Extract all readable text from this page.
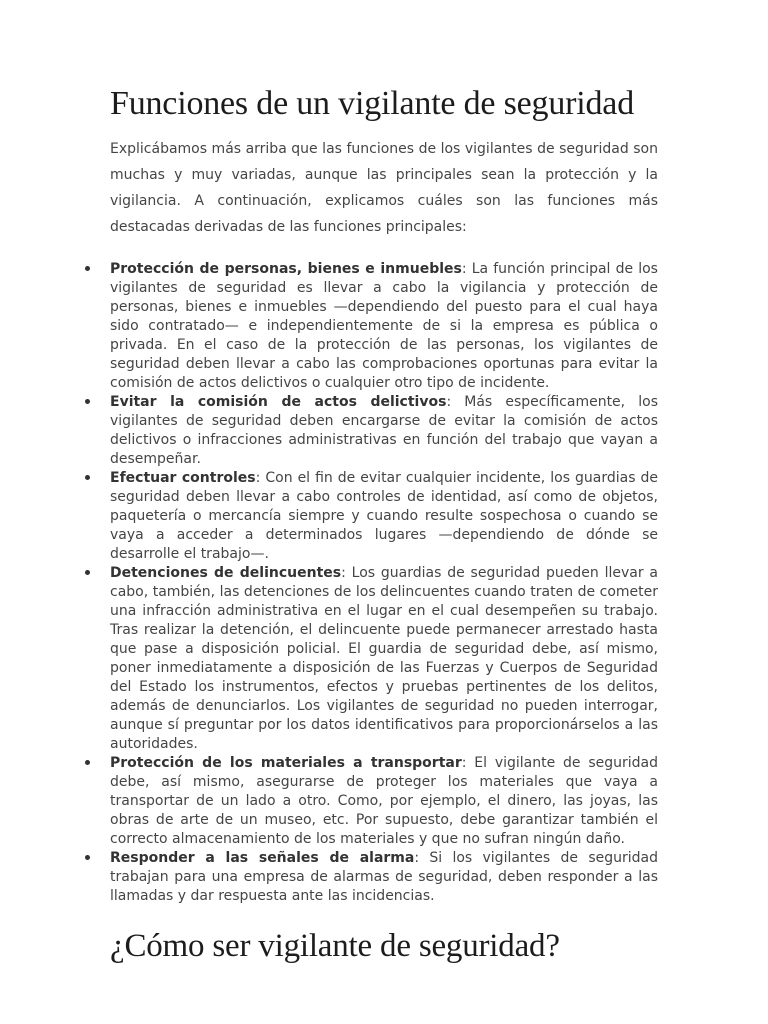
Funciones de un vigilante de seguridad

Explicábamos más arriba que las funciones de los vigilantes de seguridad son muchas y muy variadas, aunque las principales sean la protección y la vigilancia. A continuación, explicamos cuáles son las funciones más destacadas derivadas de las funciones principales:

Protección de personas, bienes e inmuebles: La función principal de los vigilantes de seguridad es llevar a cabo la vigilancia y protección de personas, bienes e inmuebles —dependiendo del puesto para el cual haya sido contratado— e independientemente de si la empresa es pública o privada. En el caso de la protección de las personas, los vigilantes de seguridad deben llevar a cabo las comprobaciones oportunas para evitar la comisión de actos delictivos o cualquier otro tipo de incidente.
Evitar la comisión de actos delictivos: Más específicamente, los vigilantes de seguridad deben encargarse de evitar la comisión de actos delictivos o infracciones administrativas en función del trabajo que vayan a desempeñar.
Efectuar controles: Con el fin de evitar cualquier incidente, los guardias de seguridad deben llevar a cabo controles de identidad, así como de objetos, paquetería o mercancía siempre y cuando resulte sospechosa o cuando se vaya a acceder a determinados lugares —dependiendo de dónde se desarrolle el trabajo—.
Detenciones de delincuentes: Los guardias de seguridad pueden llevar a cabo, también, las detenciones de los delincuentes cuando traten de cometer una infracción administrativa en el lugar en el cual desempeñen su trabajo. Tras realizar la detención, el delincuente puede permanecer arrestado hasta que pase a disposición policial. El guardia de seguridad debe, así mismo, poner inmediatamente a disposición de las Fuerzas y Cuerpos de Seguridad del Estado los instrumentos, efectos y pruebas pertinentes de los delitos, además de denunciarlos. Los vigilantes de seguridad no pueden interrogar, aunque sí preguntar por los datos identificativos para proporcionárselos a las autoridades.
Protección de los materiales a transportar: El vigilante de seguridad debe, así mismo, asegurarse de proteger los materiales que vaya a transportar de un lado a otro. Como, por ejemplo, el dinero, las joyas, las obras de arte de un museo, etc. Por supuesto, debe garantizar también el correcto almacenamiento de los materiales y que no sufran ningún daño.
Responder a las señales de alarma: Si los vigilantes de seguridad trabajan para una empresa de alarmas de seguridad, deben responder a las llamadas y dar respuesta ante las incidencias.
¿Cómo ser vigilante de seguridad?
